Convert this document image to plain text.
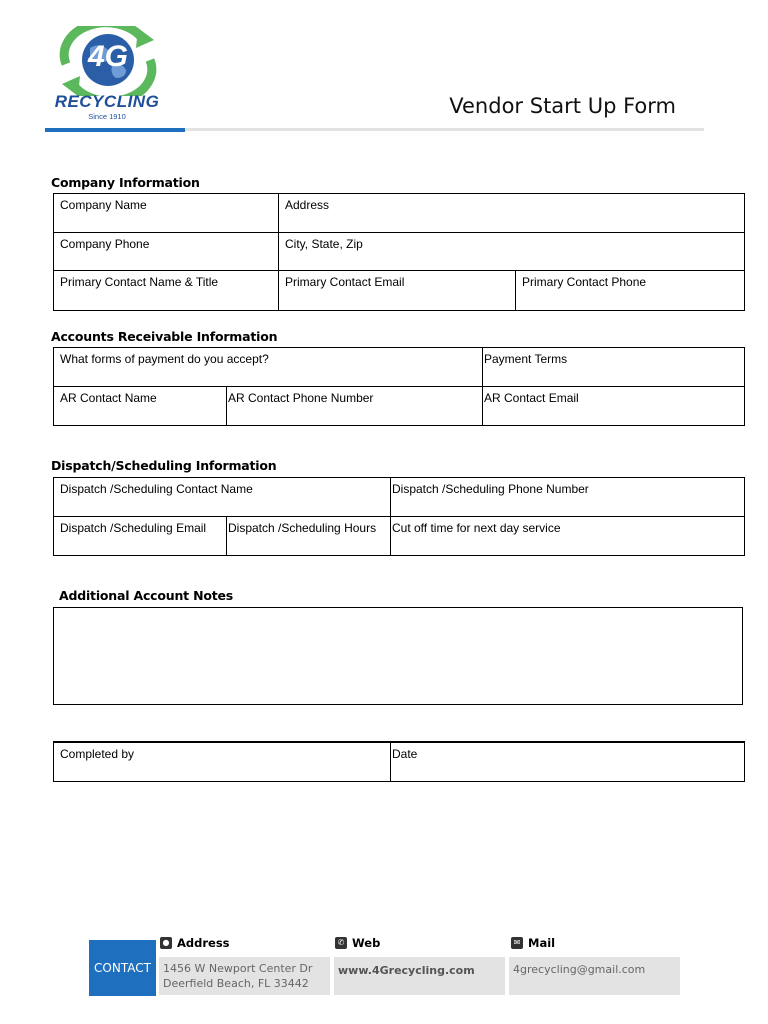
4G
RECYCLING
Since 1910	Vendor Start Up Form
Company Information
Company Name	Address	
Company Phone	City, State, Zip	
Primary Contact Name & Title	Primary Contact Email	Primary Contact Phone
Accounts Receivable Information
What forms of payment do you accept?		Payment Terms
AR Contact Name	AR Contact Phone Number	AR Contact Email
Dispatch/Scheduling Information
Dispatch /Scheduling Contact Name		Dispatch /Scheduling Phone Number
Dispatch /Scheduling Email	Dispatch /Scheduling Hours	Cut off time for next day service
Additional Account Notes
Completed by	Date
CONTACT
● Address
1456 W Newport Center Dr
Deerfield Beach, FL 33442
✆ Web
www.4Grecycling.com
✉ Mail
4grecycling@gmail.com
